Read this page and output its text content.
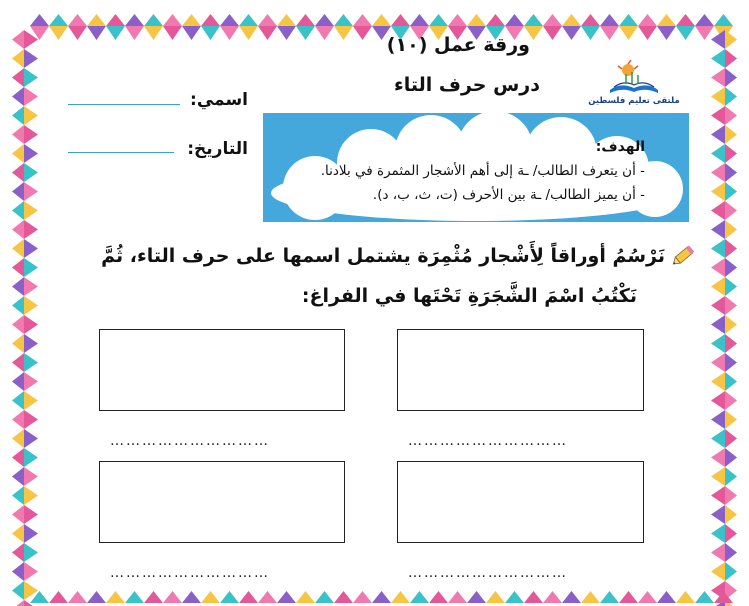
ورقة عمل (١٠)
درس حرف التاء
ملتقى تعليم فلسطين
اسمي:
التاريخ:	الهدف:
- أن يتعرف الطالب/ ـة إلى أهم الأشجار المثمرة في بلادنا.
- أن يميز الطالب/ ـة بين الأحرف (ت، ث، ب، د).
نَرْسُمُ أوراقاً لِأَشْجار مُثْمِرَة يشتمل اسمها على حرف التاء، ثُمَّ
نَكْتُبُ اسْمَ الشَّجَرَةِ تَحْتَها في الفراغ:
…………………………
…………………………
…………………………
…………………………
